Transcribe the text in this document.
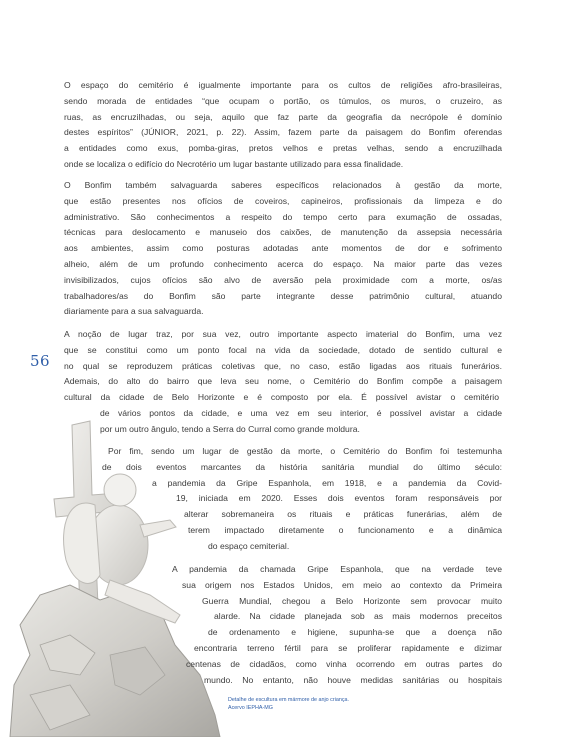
56
O espaço do cemitério é igualmente importante para os cultos de religiões afro-brasileiras,
sendo morada de entidades “que ocupam o portão, os túmulos, os muros, o cruzeiro, as
ruas, as encruzilhadas, ou seja, aquilo que faz parte da geografia da necrópole é domínio
destes espíritos” (JÚNIOR, 2021, p. 22). Assim, fazem parte da paisagem do Bonfim oferendas
a entidades como exus, pomba-giras, pretos velhos e pretas velhas, sendo a encruzilhada
onde se localiza o edifício do Necrotério um lugar bastante utilizado para essa finalidade.
O Bonfim também salvaguarda saberes específicos relacionados à gestão da morte,
que estão presentes nos ofícios de coveiros, capineiros, profissionais da limpeza e do
administrativo. São conhecimentos a respeito do tempo certo para exumação de ossadas,
técnicas para deslocamento e manuseio dos caixões, de manutenção da assepsia necessária
aos ambientes, assim como posturas adotadas ante momentos de dor e sofrimento
alheio, além de um profundo conhecimento acerca do espaço. Na maior parte das vezes
invisibilizados, cujos ofícios são alvo de aversão pela proximidade com a morte, os/as
trabalhadores/as do Bonfim são parte integrante desse patrimônio cultural, atuando
diariamente para a sua salvaguarda.
A noção de lugar traz, por sua vez, outro importante aspecto imaterial do Bonfim, uma vez
que se constitui como um ponto focal na vida da sociedade, dotado de sentido cultural e
no qual se reproduzem práticas coletivas que, no caso, estão ligadas aos rituais funerários.
Ademais, do alto do bairro que leva seu nome, o Cemitério do Bonfim compõe a paisagem
cultural da cidade de Belo Horizonte e é composto por ela. É possível avistar o cemitério
de vários pontos da cidade, e uma vez em seu interior, é possível avistar a cidade
por um outro ângulo, tendo a Serra do Curral como grande moldura.
Por fim, sendo um lugar de gestão da morte, o Cemitério do Bonfim foi testemunha
de dois eventos marcantes da história sanitária mundial do último século:
a pandemia da Gripe Espanhola, em 1918, e a pandemia da Covid-
19, iniciada em 2020. Esses dois eventos foram responsáveis por
alterar sobremaneira os rituais e práticas funerárias, além de
terem impactado diretamente o funcionamento e a dinâmica
do espaço cemiterial.
A pandemia da chamada Gripe Espanhola, que na verdade teve
sua origem nos Estados Unidos, em meio ao contexto da Primeira
Guerra Mundial, chegou a Belo Horizonte sem provocar muito
alarde. Na cidade planejada sob as mais modernos preceitos
de ordenamento e higiene, supunha-se que a doença não
encontraria terreno fértil para se proliferar rapidamente e dizimar
centenas de cidadãos, como vinha ocorrendo em outras partes do
mundo. No entanto, não houve medidas sanitárias ou hospitais
Detalhe de escultura em mármore de anjo criança.
Acervo IEPHA-MG
